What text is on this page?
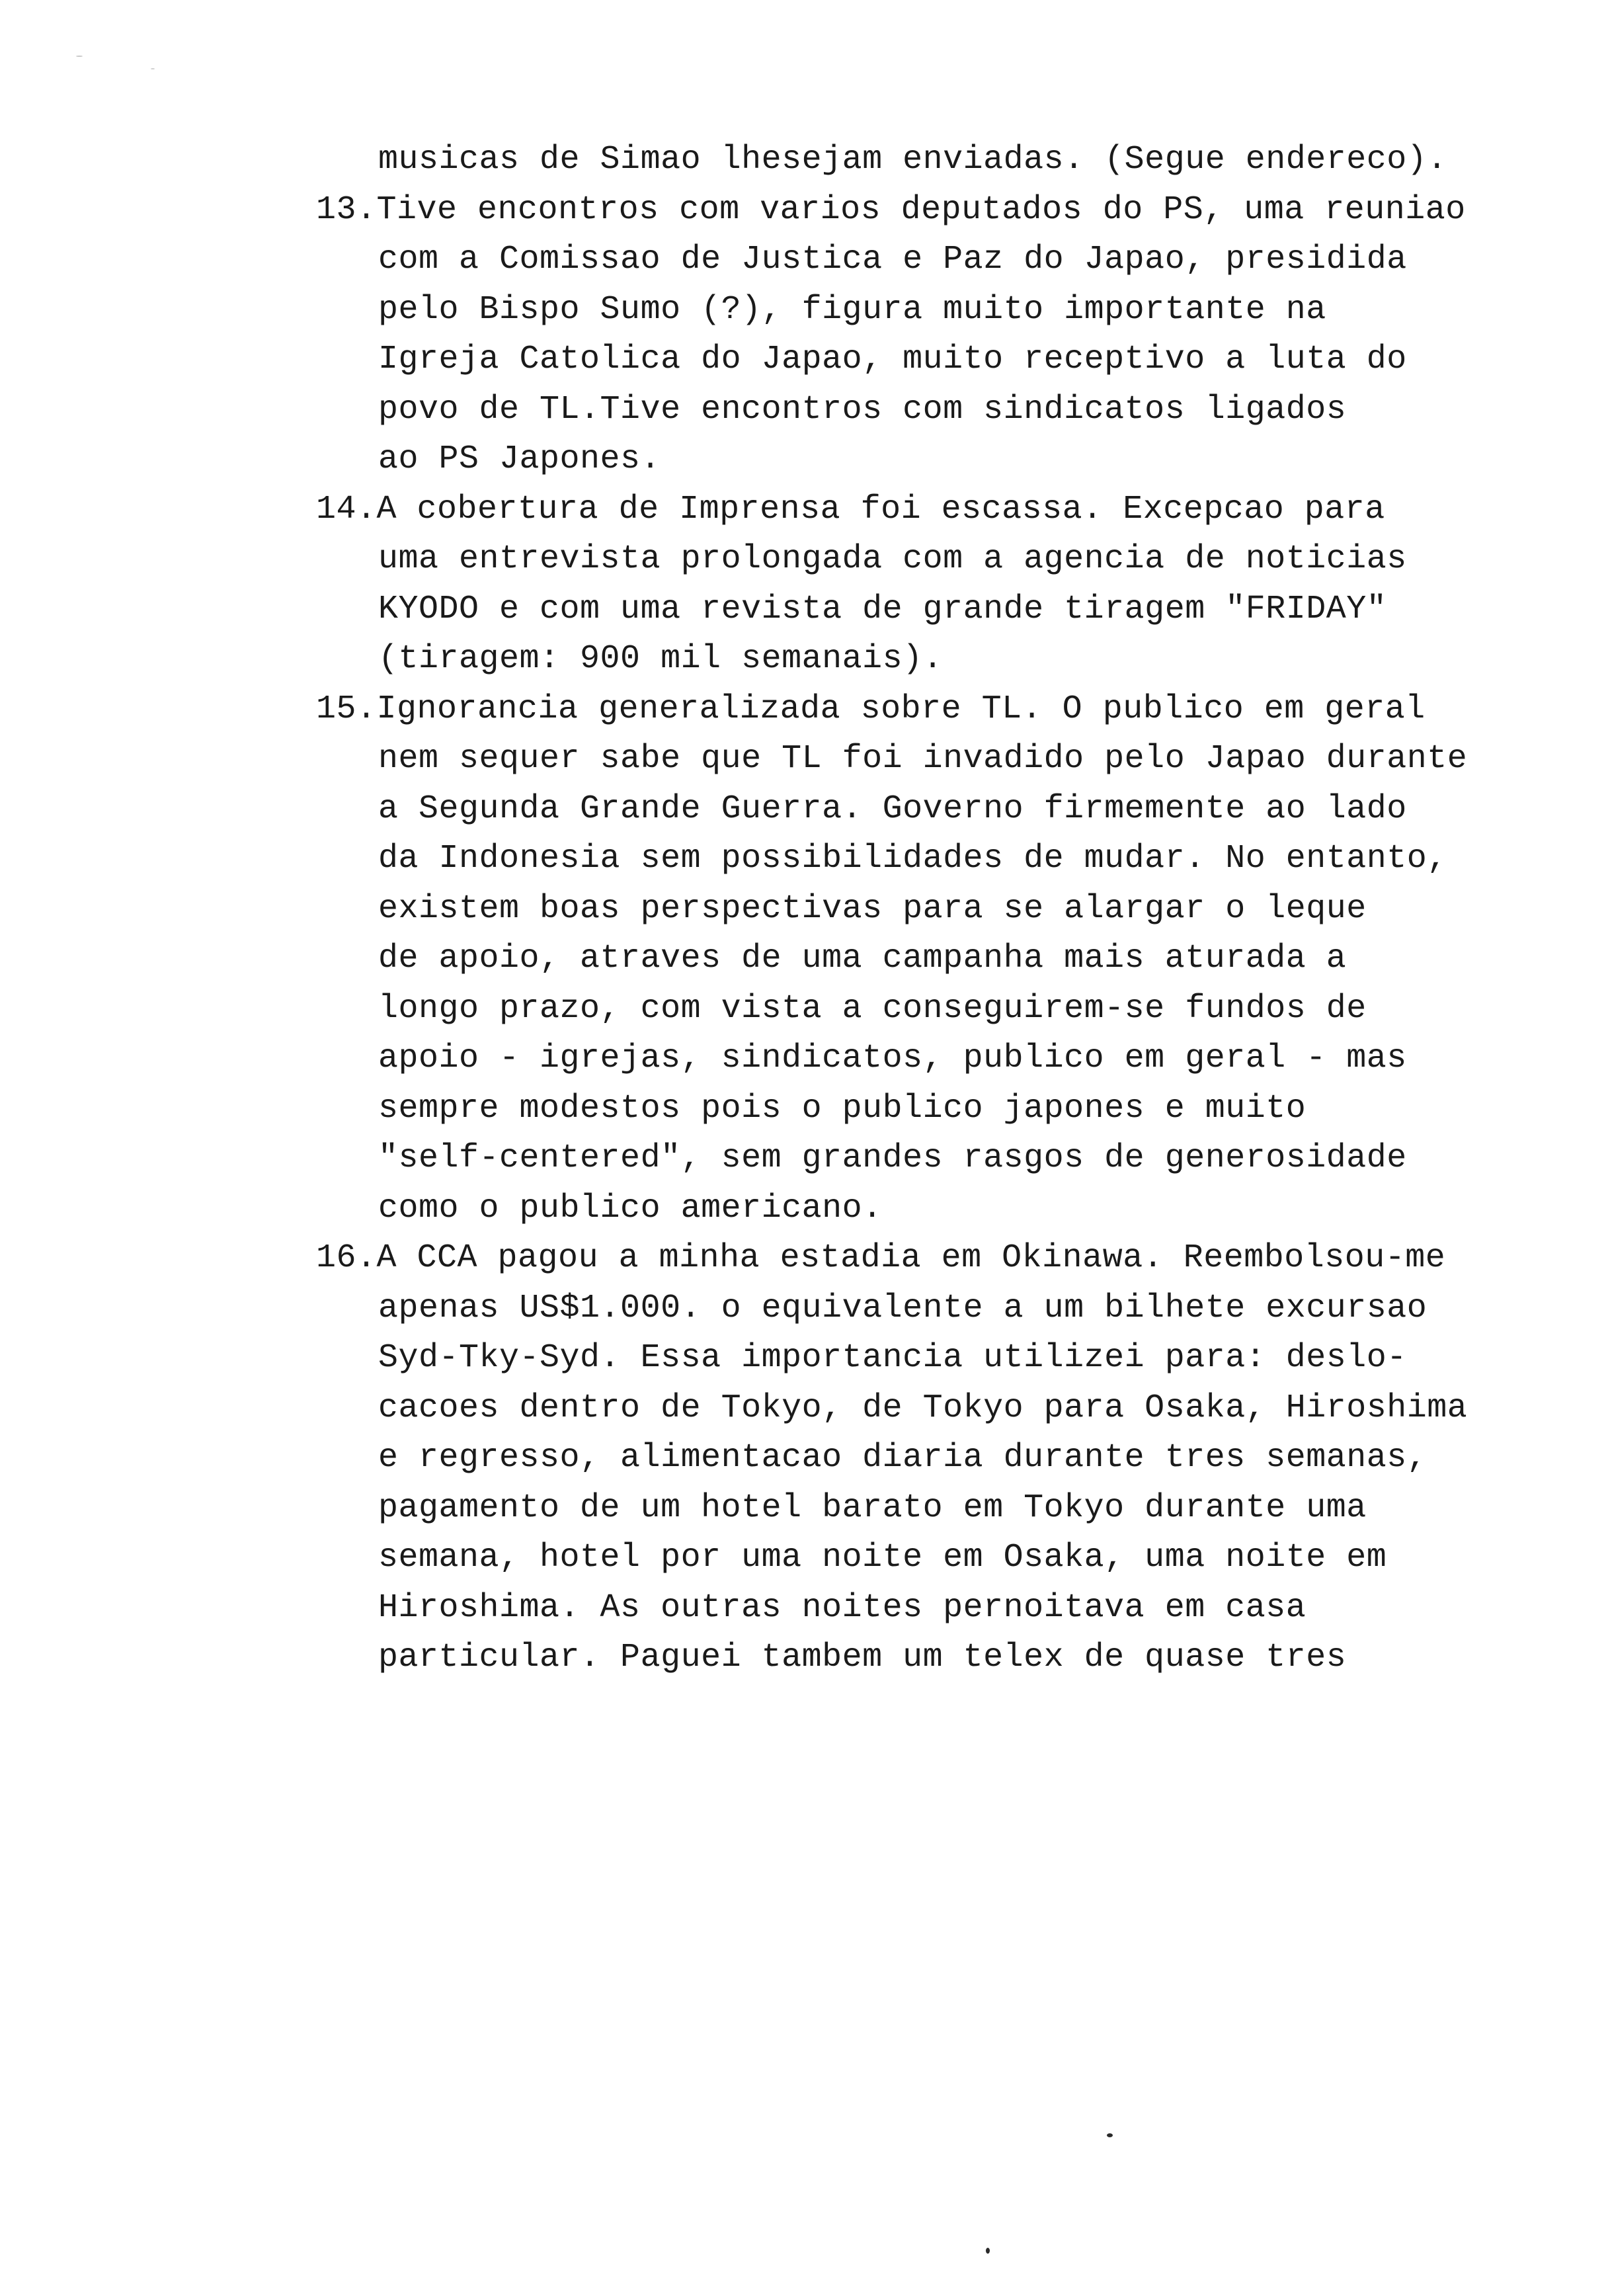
musicas de Simao lhesejam enviadas. (Segue endereco).
13.Tive encontros com varios deputados do PS, uma reuniao
com a Comissao de Justica e Paz do Japao, presidida
pelo Bispo Sumo (?), figura muito importante na
Igreja Catolica do Japao, muito receptivo a luta do
povo de TL.Tive encontros com sindicatos ligados
ao PS Japones.
14.A cobertura de Imprensa foi escassa. Excepcao para
uma entrevista prolongada com a agencia de noticias
KYODO e com uma revista de grande tiragem "FRIDAY"
(tiragem: 900 mil semanais).
15.Ignorancia generalizada sobre TL. O publico em geral
nem sequer sabe que TL foi invadido pelo Japao durante
a Segunda Grande Guerra. Governo firmemente ao lado
da Indonesia sem possibilidades de mudar. No entanto,
existem boas perspectivas para se alargar o leque
de apoio, atraves de uma campanha mais aturada a
longo prazo, com vista a conseguirem-se fundos de
apoio - igrejas, sindicatos, publico em geral - mas
sempre modestos pois o publico japones e muito
"self-centered", sem grandes rasgos de generosidade
como o publico americano.
16.A CCA pagou a minha estadia em Okinawa. Reembolsou-me
apenas US$1.000. o equivalente a um bilhete excursao
Syd-Tky-Syd. Essa importancia utilizei para: deslo-
cacoes dentro de Tokyo, de Tokyo para Osaka, Hiroshima
e regresso, alimentacao diaria durante tres semanas,
pagamento de um hotel barato em Tokyo durante uma
semana, hotel por uma noite em Osaka, uma noite em
Hiroshima. As outras noites pernoitava em casa
particular. Paguei tambem um telex de quase tres
